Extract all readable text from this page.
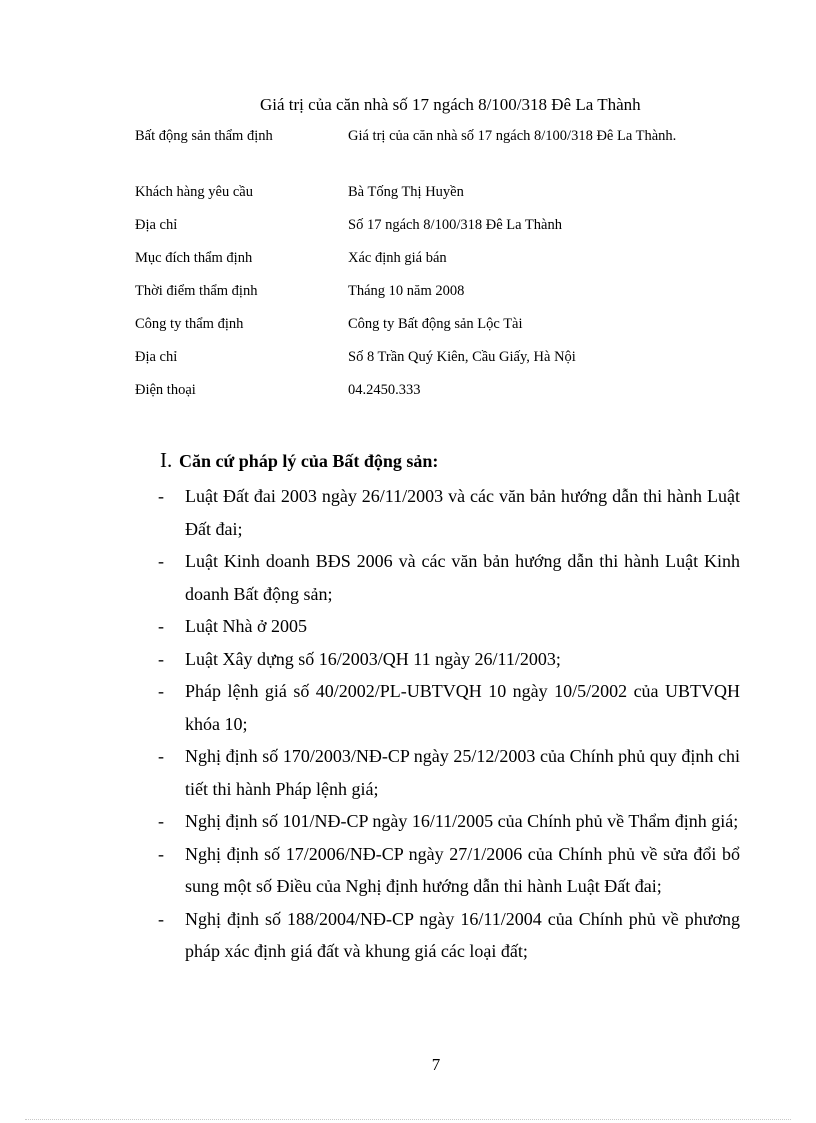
Giá trị của căn nhà số 17 ngách 8/100/318 Đê La Thành
Bất động sản thẩm định	Giá trị của căn nhà số 17 ngách 8/100/318 Đê La Thành.
Khách hàng yêu cầu	Bà Tống Thị Huyền
Địa chỉ	Số 17 ngách 8/100/318 Đê La Thành
Mục đích thẩm định	Xác định giá bán
Thời điểm thẩm định	Tháng 10 năm 2008
Công ty thẩm định	Công ty Bất động sản Lộc Tài
Địa chỉ	Số 8 Trần Quý Kiên, Cầu Giấy, Hà Nội
Điện thoại	04.2450.333
I. Căn cứ pháp lý của Bất động sản:
- Luật Đất đai 2003 ngày 26/11/2003 và các văn bản hướng dẫn thi hành Luật Đất đai;
- Luật Kinh doanh BĐS 2006 và các văn bản hướng dẫn thi hành Luật Kinh doanh Bất động sản;
- Luật Nhà ở 2005
- Luật Xây dựng số 16/2003/QH 11 ngày 26/11/2003;
- Pháp lệnh giá số 40/2002/PL-UBTVQH 10 ngày 10/5/2002 của UBTVQH khóa 10;
- Nghị định số 170/2003/NĐ-CP ngày 25/12/2003 của Chính phủ quy định chi tiết thi hành Pháp lệnh giá;
- Nghị định số 101/NĐ-CP ngày 16/11/2005 của Chính phủ về Thẩm định giá;
- Nghị định số 17/2006/NĐ-CP ngày 27/1/2006 của Chính phủ về sửa đổi bổ sung một số Điều của Nghị định hướng dẫn thi hành Luật Đất đai;
- Nghị định số 188/2004/NĐ-CP ngày 16/11/2004 của Chính phủ về phương pháp xác định giá đất và khung giá các loại đất;
7
